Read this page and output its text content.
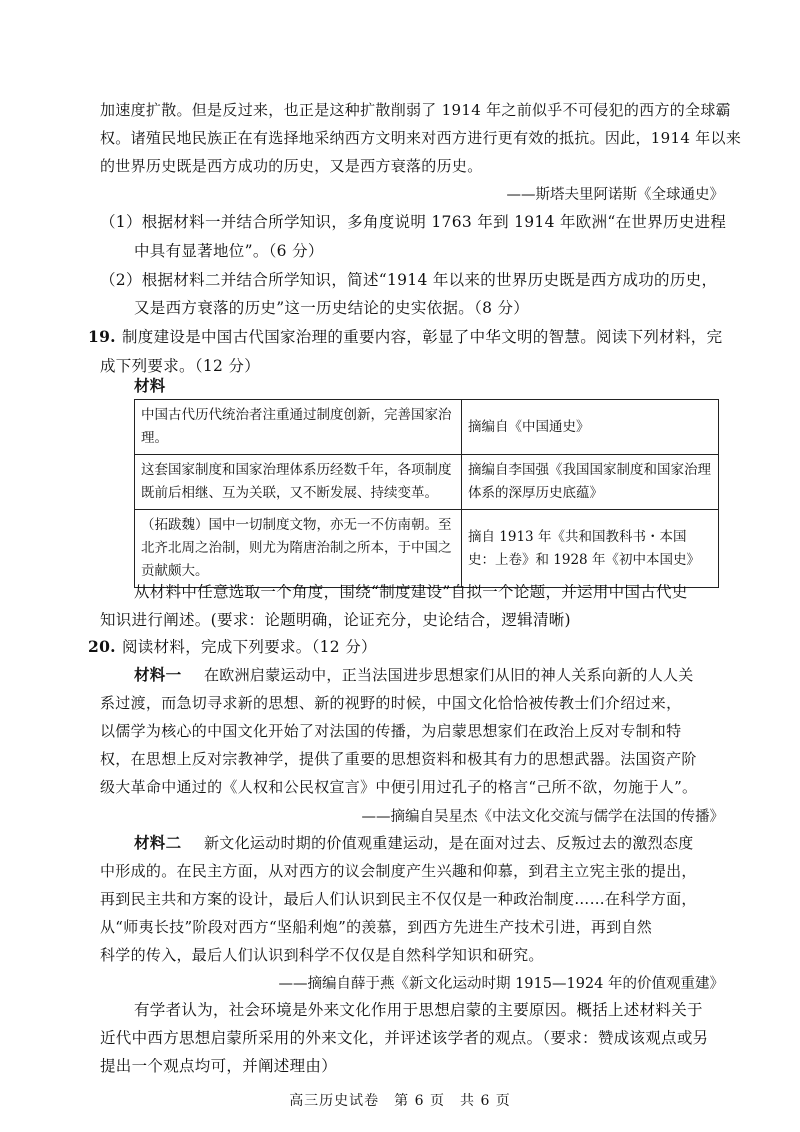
加速度扩散。但是反过来，也正是这种扩散削弱了 1914 年之前似乎不可侵犯的西方的全球霸
权。诸殖民地民族正在有选择地采纳西方文明来对西方进行更有效的抵抗。因此，1914 年以来
的世界历史既是西方成功的历史，又是西方衰落的历史。
——斯塔夫里阿诺斯《全球通史》
（1）根据材料一并结合所学知识，多角度说明 1763 年到 1914 年欧洲“在世界历史进程
中具有显著地位”。（6 分）
（2）根据材料二并结合所学知识，简述“1914 年以来的世界历史既是西方成功的历史，
又是西方衰落的历史”这一历史结论的史实依据。（8 分）
19. 制度建设是中国古代国家治理的重要内容，彰显了中华文明的智慧。阅读下列材料，完
成下列要求。（12 分）
材料
中国古代历代统治者注重通过制度创新，完善国家治理。	摘编自《中国通史》
这套国家制度和国家治理体系历经数千年，各项制度既前后相继、互为关联，又不断发展、持续变革。	摘编自李国强《我国国家制度和国家治理体系的深厚历史底蕴》
（拓跋魏）国中一切制度文物，亦无一不仿南朝。至北齐北周之治制，则尤为隋唐治制之所本，于中国之贡献颇大。	摘自 1913 年《共和国教科书・本国史：上卷》和 1928 年《初中本国史》
从材料中任意选取一个角度，围绕“制度建设”自拟一个论题，并运用中国古代史
知识进行阐述。(要求：论题明确，论证充分，史论结合，逻辑清晰)
20. 阅读材料，完成下列要求。（12 分）
材料一 在欧洲启蒙运动中，正当法国进步思想家们从旧的神人关系向新的人人关
系过渡，而急切寻求新的思想、新的视野的时候，中国文化恰恰被传教士们介绍过来，
以儒学为核心的中国文化开始了对法国的传播，为启蒙思想家们在政治上反对专制和特
权，在思想上反对宗教神学，提供了重要的思想资料和极其有力的思想武器。法国资产阶
级大革命中通过的《人权和公民权宣言》中便引用过孔子的格言“己所不欲，勿施于人”。
——摘编自吴星杰《中法文化交流与儒学在法国的传播》
材料二 新文化运动时期的价值观重建运动，是在面对过去、反叛过去的激烈态度
中形成的。在民主方面，从对西方的议会制度产生兴趣和仰慕，到君主立宪主张的提出，
再到民主共和方案的设计，最后人们认识到民主不仅仅是一种政治制度……在科学方面，
从“师夷长技”阶段对西方“坚船利炮”的羡慕，到西方先进生产技术引进，再到自然
科学的传入，最后人们认识到科学不仅仅是自然科学知识和研究。
——摘编自薛于燕《新文化运动时期 1915—1924 年的价值观重建》
有学者认为，社会环境是外来文化作用于思想启蒙的主要原因。概括上述材料关于
近代中西方思想启蒙所采用的外来文化，并评述该学者的观点。（要求：赞成该观点或另
提出一个观点均可，并阐述理由）
高三历史试卷　第 6 页　共 6 页
